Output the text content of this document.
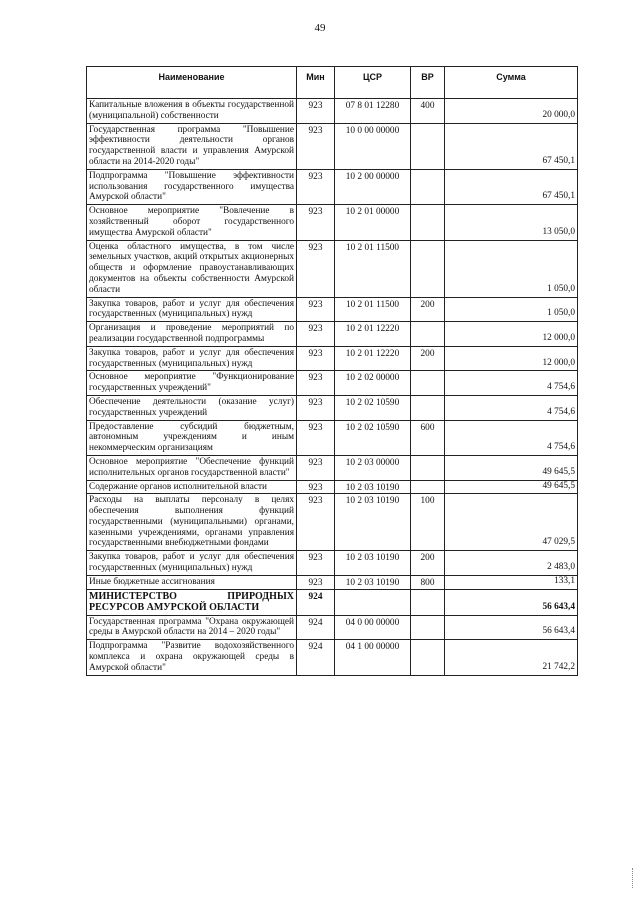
49
Наименование	Мин	ЦСР	ВР	Сумма
Капитальные вложения в объекты государственной (муниципальной) собственности	923	07 8 01 12280	400	20 000,0
Государственная программа "Повышение эффективности деятельности органов государственной власти и управления Амурской области на 2014-2020 годы"	923	10 0 00 00000		67 450,1
Подпрограмма "Повышение эффективности использования государственного имущества Амурской области"	923	10 2 00 00000		67 450,1
Основное мероприятие "Вовлечение в хозяйственный оборот государственного имущества Амурской области"	923	10 2 01 00000		13 050,0
Оценка областного имущества, в том числе земельных участков, акций открытых акционерных обществ и оформление правоустанавливающих документов на объекты собственности Амурской области	923	10 2 01 11500		1 050,0
Закупка товаров, работ и услуг для обеспечения государственных (муниципальных) нужд	923	10 2 01 11500	200	1 050,0
Организация и проведение мероприятий по реализации государственной подпрограммы	923	10 2 01 12220		12 000,0
Закупка товаров, работ и услуг для обеспечения государственных (муниципальных) нужд	923	10 2 01 12220	200	12 000,0
Основное мероприятие "Функционирование государственных учреждений"	923	10 2 02 00000		4 754,6
Обеспечение деятельности (оказание услуг) государственных учреждений	923	10 2 02 10590		4 754,6
Предоставление субсидий бюджетным, автономным учреждениям и иным некоммерческим организациям	923	10 2 02 10590	600	4 754,6
Основное мероприятие "Обеспечение функций исполнительных органов государственной власти"	923	10 2 03 00000		49 645,5
Содержание органов исполнительной власти	923	10 2 03 10190		49 645,5
Расходы на выплаты персоналу в целях обеспечения выполнения функций государственными (муниципальными) органами, казенными учреждениями, органами управления государственными внебюджетными фондами	923	10 2 03 10190	100	47 029,5
Закупка товаров, работ и услуг для обеспечения государственных (муниципальных) нужд	923	10 2 03 10190	200	2 483,0
Иные бюджетные ассигнования	923	10 2 03 10190	800	133,1
МИНИСТЕРСТВО ПРИРОДНЫХ РЕСУРСОВ АМУРСКОЙ ОБЛАСТИ	924			56 643,4
Государственная программа "Охрана окружающей среды в Амурской области на 2014 – 2020 годы"	924	04 0 00 00000		56 643,4
Подпрограмма "Развитие водохозяйственного комплекса и охрана окружающей среды в Амурской области"	924	04 1 00 00000		21 742,2
